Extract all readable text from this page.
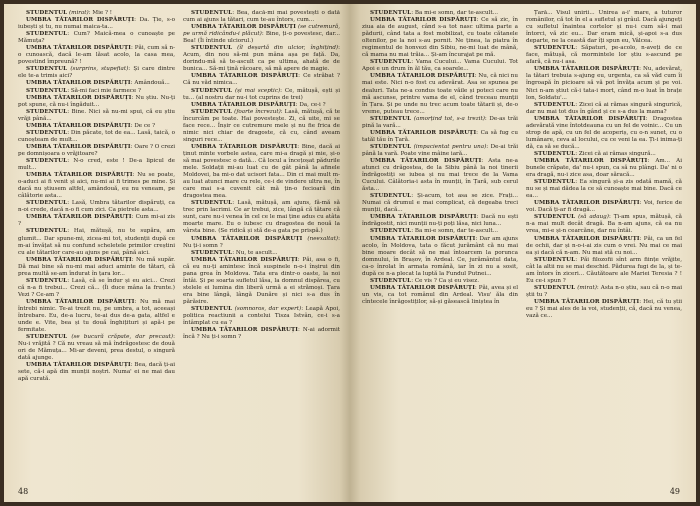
STUDENTUL (mirat): Mie ? !

UMBRA TĂTARILOR DISPĂRUȚI: Da. Ție, s-o iubești și tu, nu numai maica-ta...

STUDENTUL: Cum? Maică-mea o cunoaște pe Mămuța?

UMBRA TĂTARILOR DISPĂRUȚI: Păi, cum să n-o cunoască, dacă le-am lăsat acolo, la casa mea, povestind împreună? !

STUDENTUL (surprins, stupefiat): Și care dintre ele te-a trimis aici?

UMBRA TĂTARILOR DISPĂRUȚI: Amândouă...

STUDENTUL: Să-mi faci mie farmece ?

UMBRA TĂTARILOR DISPĂRUȚI: Nu știu. Nu-ți pot spune, că nu-i îngăduit...

STUDENTUL: Bine. Nici să nu-mi spui, că eu știu vrăji până...

UMBRA TĂTARILOR DISPĂRUȚI: De ce ?

STUDENTUL: Din păcate, tot de ea... Lasă, taică, o cunoșteam de mult...

UMBRA TĂTARILOR DISPĂRUȚI: Oare ? O crezi pe domnișoara o vrăjitoare?

STUDENTUL: N-o cred, este ! De-a lipicul de mult...

UMBRA TĂTARILOR DISPĂRUȚI: Nu se poate, o-aduci ai fi venit și aici, nu-mi ai fi trimes pe mine. Și dacă nu știusem altfel, amândouă, eu nu veneam, pe câlătorie asta...

STUDENTUL: Lasă, Umbra tătarilor dispăruți, ca n-oi crede, dacă n-o fi cum zici. Ca pietrele asta...

UMBRA TĂTARILOR DISPĂRUȚI: Cum mi-ai zis ?

STUDENTUL: Hai, mătușă, nu te supăra, am glumit... Dar spune-mi, zicea-mi tot, studenții după ce m-ai învățat să nu confund scheletele primilor creștini cu ale tătarilor care-au ajuns pe cai, până aici.

UMBRA TĂTARILOR DISPĂRUȚI: Nu mă supăr. Dă mai bine să nu-mi mai aduci aminte de tătari, că prea multă se-am îndurat în țara lor...

STUDENTUL: Lasă, că se îndur și eu aici... Crezi că n-a fi trebui... Crezi că... (Îi duce mâna la frunte.) Vezi ? Ce-am ?

UMBRA TĂTARILOR DISPĂRUȚI: Nu mă mai întrebi nimic. Te-ai trezit nu, pe umbra, a tot, aceeași întrebare. Eu, de-a lucru, te-ai dus de-a gata, altfel e unde e. Vite, bea și tu două înghițituri și apă-i pe fermitate.

STUDENTUL (se bucură crăpate, dar precaut): Nu-i vrăjită ? Că nu vreau să mă îndrăgostesc de două ori de Mămuța... Mi-ar deveni, prea destul, o singură dată ajunge.

UMBRA TĂTARILOR DISPĂRUȚI: Bea, dacă ți-ai sete, că-i apă din munții noștri. Numa' ei ne mai dau apă curată.

STUDENTUL: Bea, dacă-mi mai povestești o dată cum ai ajuns la tătari, cum te-au întors, cum...

UMBRA TĂTARILOR DISPĂRUȚI (se cutremură, pe urmă ridicându-i plăcut): Bine, ți-o povestesc, dar... Bea! (Îi întinde ulciorul.)

STUDENTUL (îl deșartă din ulcior, înghițind): Acum, din nou să-mi pun mâna așa pe față. Da, dorindu-mă să te-ascult ca pe ultima, ahată de de bunica... Să-mi țină răcoare, să mă apere de magie.

UMBRA TĂTARILOR DISPĂRUȚI: Ce străbat ? Că nu văd nimica...

STUDENTUL (și mai sceptic): Ce, mătușă, ești și tu... (al nostru dar nu-i tot cuprins de trei)

UMBRA TĂTARILOR DISPĂRUȚI: Da, ce-i ?

STUDENTUL (foarte încrezut): Lasă, mătușă, că te încurcăm pe toate. Hai povestește. Zi, că uite, mi se face rece... Înșir ce cutremure mele și nu fie frica de nimic nici chiar de dragoste, că cu, când aveam singuri rece...

UMBRA TĂTARILOR DISPĂRUȚI: Bine, dacă ai ținut minte vorbele astea, care mi-a dragă și mie, și-o să mai povestesc o dată... Că locul a încețoșat pădurile mele. Soldații mi-au luat cu de gât până la afinele Moldovei, ba mi-o dat ucisori fata... Din ci mai mult m-au luat atunci mare cu rele, ce-i de vindere ultra ne, în care mai s-a cuvenit cât mă țin-o fecioară din dragostea mea.

STUDENTUL: Lasă, mătușă, am ajuns, fă-mă să trec prin lacrimi. Ce ar trebui, zice, lângă că tătare că sunt, care nu-i venea în cel ce le mai ține adus cu atâta moarte mare. Eu o iubesc cu dragostea de nouă la vârsta bine. (Se ridică și stă de-a gata pe prispă.)

UMBRA TĂTARILOR DISPĂRUȚI (neexaltat): Nu ți-i somn ?

STUDENTUL: Nu, te ascult...

UMBRA TĂTARILOR DISPĂRUȚI: Păi, asa o fi, că eu nu-ți amintesc încă suspinele n-o-i înșirui din pana grea în Moldova. Tata era dintr-o oaste, la noi întâi. Și pe soarta sufletul lăsa, la domnul dispărea, cu stelele ei lumina din liberă urmă a ei strămoși. Țara era bine lângă, lângă Dunăre și nici s-a dus în părăsire.

STUDENTUL (somnoros, dar expert): Leapă Apoi, politica reactiunii a contelui Tisza Istvân, ce-i s-a întâmplat cu ea ?

UMBRA TĂTARILOR DISPĂRUȚI: N-ai adormit încă ? Nu ți-i somn ?

48

STUDENTUL: Ba mi-e somn, dar te-ascult...

UMBRA TĂTARILOR DISPĂRUȚI: Ce să zic, în ziua aia de august, când s-a tot nasc ultima parte a pădurii, când tata a fost mobilizat, cu toate cătanele oltenilor, pe la noi s-au pornit. Ne ținea, la piatra în regimentul de honvezi din Sibiu, ne-mi luat de mână, că mama nu mai trăia... Și-am încurajat pe mă.

STUDENTUL: Vama Cucului... Vama Cucului. Tot Apoi e un drum în ăl tău, ca soarele...

UMBRA TĂTARILOR DISPĂRUȚI: Nu, că nici nu mai este. Nici n-o fost cu adevărat. Asa se spunea pe dealuri. Tata ne-a condus toate văile și poteci care nu mă ascunse, printre vama de el, când treceau munții în Țara. Și pe unde nu trec acum toate tătarii și, de-o vreme, puteau trece...

STUDENTUL (amorțind tot, s-a trezit): De-as trăi pină la vară...

UMBRA TĂTARILOR DISPĂRUȚI: Ca să fug cu tatăl tău în Țară.

STUDENTUL (impacientat pentru una): De-ai trăi până la vară. Poate vine mâine iară...

UMBRA TĂTARILOR DISPĂRUȚI: Asta ne-a atunci cu drăgostea, de la Sibiu până la noi tinerii îndrăgostiți se iubea și nu mai trece de la Vama Cucului. Câlătoria-i asta în munții, în Țară, sub cerul ăsta...

STUDENTUL: Și-acum, tot asa se zice. Frați... Numai că drumul e mai complicat, că degeaba treci munții, dacă...

UMBRA TĂTARILOR DISPĂRUȚI: Dacă nu ești îndrăgostit, nici munții nu-ți poți lăsa, nici luna...

STUDENTUL: Ba mi-e somn, dar te-ascult...

UMBRA TĂTARILOR DISPĂRUȚI: Dar am ajuns acolo, în Moldova, tata o făcut jurământ că nu mai bine moare decât să ne mai întoarcem la porunca domnului, în Brașov, în Ardeal. Ce, jurământul data, ca-o înrolat în armata română, iar în zi nu a sosit, după ce n-a plecat la luptă la Fundul Putnei...

STUDENTUL: Ce vis ? Ca și eu visez.

UMBRA TĂTARILOR DISPĂRUȚI: Păi, avea și el un vis, ca tot românul din Ardeal. Visu' ăla din cîntecele înrăgostiților, să-și găsească liniștea în

Țară... Visul unirii... Unirea a-i' mare, a tuturor românilor, că tot în el a sufletul și grâul. Dacă ajungeți cu sufletul înaintea cortelor și nu-i cum să-i mai întorci, vă zic eu... Dar eram mică, și-apoi s-a dus departe, ne la ceastă dar îți spun eu, Vâlcea.

STUDENTUL: Săpaturi, pe-acolo, n-aveți de ce face, mătușă, că mormintele lor știu s-ascund pe afară, că nu-i asa.

UMBRA TĂTARILOR DISPĂRUȚI: Nu, adevărat, la tătari trebuia s-ajung eu, urgenta, ca să văd cum îi îngroapă în picioare să vă pot învăța acum și pe voi. Nici n-am știut că-i tata-i mort, când m-o luat în brațe lon, Soldatu'...

STUDENTUL: Zicei că ai rămas singură singurică, dar nu mai tot dus în gând și ce s-a dus la mama?

UMBRA TĂTARILOR DISPĂRUȚI: Dragostea adevărată vine întotdeauna cu un fel de voinic... Cu un strop de apă, cu un fel de acoperiș, cu o-n sunet, cu o lumânare, ceva al locului, cu ce veni la ea. Ți-i inima-ți dă, ca să se ducă...

STUDENTUL: Zicei că ai rămas singură...

UMBRA TĂTARILOR DISPĂRUȚI: Am... Ai bunele crăpate, da' nu-i spun, ca să nu plângi. Da' ni o era dragă, nu-i zice asa, doar săracă...

STUDENTUL: Ea singură și-a zis odată mamă, că nu se și mai dădea la ce să cunoaște mai bine. Dacă ce ea...

UMBRA TĂTARILOR DISPĂRUȚI: Voi, ferice de voi. Dacă ți-ar fi dragă...

STUDENTUL (să adaug): Ți-am spus, mătușă, că n-a mai mult decât dragă. Ba n-am ajuns, că ea nu vrea, mi-e și-n cearcăne, dar nu întâi.

UMBRA TĂTARILOR DISPĂRUȚI: Păi, ca un fel de ochii, dar și n-o-i-ai zis cum o vrei. Nu mai ce mai ea și dacă că n-am. Nu mai stă cu noi...

STUDENTUL: Păi filozofii sînt arm ființe vrăjite, cât la altii nu se mai deschid. Pădurea fugi de la, și te-am întors în ziceri... Căutătoare ale Mariei Teresia ? ! Eu ce-i spun ?

STUDENTUL (mirat): Asta n-o știu, sau că n-o mai știi tu ?

UMBRA TĂTARILOR DISPĂRUȚI: Hei, că tu știi eu ? Și mai ales de la voi, studenții, că, dacă nu venea, vază ce...

49
